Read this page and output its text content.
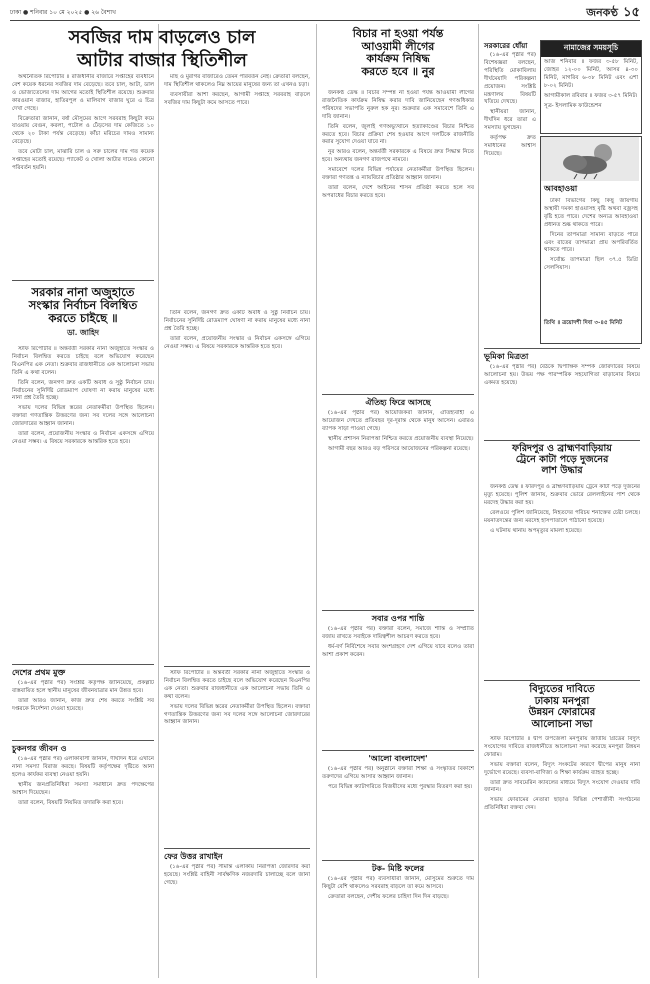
ঢাকা ● শনিবার ১০ মে ২০২৫ ● ২৬ বৈশাখ	জনকণ্ঠ ১৫
সবজির দাম বাড়লেও চাল
আটার বাজার স্থিতিশীল

অর্থনৈতিক রিপোর্টার ॥ রাজধানীর বাজারে সপ্তাহের ব্যবধানে বেশ কয়েক ধরনের সবজির দাম বেড়েছে। তবে চাল, আটা, ডাল ও ভোজ্যতেলের দাম আগের মতোই স্থিতিশীল রয়েছে। শুক্রবার কারওয়ান বাজার, হাতিরপুল ও মালিবাগ বাজার ঘুরে এ চিত্র দেখা গেছে।

বিক্রেতারা জানান, বর্ষা মৌসুমের আগে সরবরাহ কিছুটা কমে যাওয়ায় বেগুন, করলা, পটোল ও ঢেঁড়সের দাম কেজিতে ১০ থেকে ২০ টাকা পর্যন্ত বেড়েছে। কাঁচা মরিচের দামও সামান্য বেড়েছে।

তবে মোটা চাল, মাঝারি চাল ও সরু চালের দাম গত কয়েক সপ্তাহের মতোই রয়েছে। প্যাকেট ও খোলা আটার দামেও কোনো পরিবর্তন হয়নি।

মাছ ও মুরগির বাজারেও তেমন পরিবর্তন নেই। ক্রেতারা বলছেন, দাম স্থিতিশীল থাকলেও নিম্ন আয়ের মানুষের জন্য তা এখনও চড়া।

ব্যবসায়ীরা আশা করছেন, আগামী সপ্তাহে সরবরাহ বাড়লে সবজির দাম কিছুটা কমে আসতে পারে।

সরকার নানা অজুহাতে
সংস্কার নির্বাচন বিলম্বিত
করতে চাইছে ॥
ডা. জাহিদ

স্টাফ রিপোর্টার ॥ অন্তর্বর্তী সরকার নানা অজুহাতে সংস্কার ও নির্বাচন বিলম্বিত করতে চাইছে বলে অভিযোগ করেছেন বিএনপির এক নেতা। শুক্রবার রাজধানীতে এক আলোচনা সভায় তিনি এ কথা বলেন।

তিনি বলেন, জনগণ দ্রুত একটি অবাধ ও সুষ্ঠু নির্বাচন চায়। নির্বাচনের সুনির্দিষ্ট রোডম্যাপ ঘোষণা না করায় মানুষের মধ্যে নানা প্রশ্ন তৈরি হচ্ছে।

সভায় দলের বিভিন্ন স্তরের নেতাকর্মীরা উপস্থিত ছিলেন। বক্তারা গণতান্ত্রিক উত্তরণের জন্য সব দলের সঙ্গে আলোচনা জোরদারের আহ্বান জানান।

তারা বলেন, প্রয়োজনীয় সংস্কার ও নির্বাচন একসঙ্গে এগিয়ে নেওয়া সম্ভব। এ বিষয়ে সরকারকে আন্তরিক হতে হবে।

তিনি বলেন, জনগণ দ্রুত একটি অবাধ ও সুষ্ঠু নির্বাচন চায়। নির্বাচনের সুনির্দিষ্ট রোডম্যাপ ঘোষণা না করায় মানুষের মধ্যে নানা প্রশ্ন তৈরি হচ্ছে।

তারা বলেন, প্রয়োজনীয় সংস্কার ও নির্বাচন একসঙ্গে এগিয়ে নেওয়া সম্ভব। এ বিষয়ে সরকারকে আন্তরিক হতে হবে।

দেশের প্রথম মুক্ত

(১৬-এর পৃষ্ঠার পর) সংশ্লিষ্ট কর্তৃপক্ষ জানিয়েছে, প্রকল্পটি বাস্তবায়িত হলে স্থানীয় মানুষের জীবনযাত্রার মান উন্নত হবে।

তারা আরও জানান, কাজ দ্রুত শেষ করতে সংশ্লিষ্ট সব দপ্তরকে নির্দেশনা দেওয়া হয়েছে।

চুকনগর জীবন ও

(১৬-এর পৃষ্ঠার পর) এলাকাবাসী জানান, দীর্ঘদিন ধরে এখানে নানা সমস্যা বিরাজ করছে। বিষয়টি কর্তৃপক্ষের দৃষ্টিতে আনা হলেও কার্যকর ব্যবস্থা নেওয়া হয়নি।

স্থানীয় জনপ্রতিনিধিরা সমস্যা সমাধানে দ্রুত পদক্ষেপের আশ্বাস দিয়েছেন।

তারা বলেন, বিষয়টি নিয়মিত তদারকি করা হবে।

স্টাফ রিপোর্টার ॥ অন্তর্বর্তী সরকার নানা অজুহাতে সংস্কার ও নির্বাচন বিলম্বিত করতে চাইছে বলে অভিযোগ করেছেন বিএনপির এক নেতা। শুক্রবার রাজধানীতে এক আলোচনা সভায় তিনি এ কথা বলেন।

সভায় দলের বিভিন্ন স্তরের নেতাকর্মীরা উপস্থিত ছিলেন। বক্তারা গণতান্ত্রিক উত্তরণের জন্য সব দলের সঙ্গে আলোচনা জোরদারের আহ্বান জানান।

ফের উত্তর রাখাইন

(১৬-এর পৃষ্ঠার পর) সীমান্ত এলাকায় নিরাপত্তা জোরদার করা হয়েছে। সংশ্লিষ্ট বাহিনী সার্বক্ষণিক নজরদারি চালাচ্ছে বলে জানা গেছে।

বিচার না হওয়া পর্যন্ত
আওয়ামী লীগের
কার্যক্রম নিষিদ্ধ
করতে হবে ॥ নুর

জনকণ্ঠ ডেস্ক ॥ বিচার সম্পন্ন না হওয়া পর্যন্ত আওয়ামী লীগের রাজনৈতিক কার্যক্রম নিষিদ্ধ করার দাবি জানিয়েছেন গণঅধিকার পরিষদের সভাপতি নুরুল হক নুর। শুক্রবার এক সমাবেশে তিনি এ দাবি জানান।

তিনি বলেন, জুলাই গণঅভ্যুত্থানে হত্যাকাণ্ডের বিচার নিশ্চিত করতে হবে। বিচার প্রক্রিয়া শেষ হওয়ার আগে দলটিকে রাজনীতি করার সুযোগ দেওয়া যাবে না।

নুর আরও বলেন, অন্তর্বর্তী সরকারকে এ বিষয়ে দ্রুত সিদ্ধান্ত নিতে হবে। অন্যথায় জনগণ রাজপথে নামবে।

সমাবেশে দলের বিভিন্ন পর্যায়ের নেতাকর্মীরা উপস্থিত ছিলেন। বক্তারা গণতন্ত্র ও ন্যায়বিচার প্রতিষ্ঠার আহ্বান জানান।

তারা বলেন, দেশে আইনের শাসন প্রতিষ্ঠা করতে হলে সব অপরাধের বিচার করতে হবে।

ঐতিহ্য ফিরে আসছে

(১৬-এর পৃষ্ঠার পর) আয়োজকরা জানান, ঐতিহ্যবাহী এ আয়োজন দেখতে প্রতিবছর দূর-দূরান্ত থেকে মানুষ আসেন। এবারও ব্যাপক সাড়া পাওয়া গেছে।

স্থানীয় প্রশাসন নিরাপত্তা নিশ্চিত করতে প্রয়োজনীয় ব্যবস্থা নিয়েছে।

আগামী বছর আরও বড় পরিসরে আয়োজনের পরিকল্পনা রয়েছে।

সবার ওপর শান্তি

(১৬-এর পৃষ্ঠার পর) বক্তারা বলেন, সমাজে শান্তি ও সম্প্রীতি বজায় রাখতে সবাইকে দায়িত্বশীল আচরণ করতে হবে।

ধর্ম-বর্ণ নির্বিশেষে সবার অংশগ্রহণে দেশ এগিয়ে যাবে বলেও তারা আশা প্রকাশ করেন।

'আলো বাংলাদেশ'

(১৬-এর পৃষ্ঠার পর) অনুষ্ঠানে বক্তারা শিক্ষা ও সংস্কৃতির বিকাশে তরুণদের এগিয়ে আসার আহ্বান জানান।

পরে বিভিন্ন ক্যাটাগরিতে বিজয়ীদের মধ্যে পুরস্কার বিতরণ করা হয়।

টক- মিষ্টি ফলের

(১৬-এর পৃষ্ঠার পর) ব্যবসায়ীরা জানান, মৌসুমের শুরুতে দাম কিছুটা বেশি থাকলেও সরবরাহ বাড়লে তা কমে আসবে।

ক্রেতারা বলছেন, দেশীয় ফলের চাহিদা দিন দিন বাড়ছে।

নামাজের সময়সূচি

আজ শনিবার ॥ ফজর ৩-৫৮ মিনিট, জোহর ১২-০০ মিনিট, আসর ৪-৩০ মিনিট, মাগরিব ৬-৩৮ মিনিট এবং এশা ৮-০২ মিনিট।

আগামীকাল রবিবার ॥ ফজর ৩-৫৭ মিনিট।

সূত্র- ইসলামিক ফাউন্ডেশন

আবহাওয়া

ঢাকা বিভাগের কিছু কিছু জায়গায় অস্থায়ী দমকা হাওয়াসহ বৃষ্টি অথবা বজ্রসহ বৃষ্টি হতে পারে। দেশের অন্যত্র আবহাওয়া প্রধানত শুষ্ক থাকতে পারে।

দিনের তাপমাত্রা সামান্য বাড়তে পারে এবং রাতের তাপমাত্রা প্রায় অপরিবর্তিত থাকতে পারে।

সর্বোচ্চ তাপমাত্রা ছিল ৩৭.৫ ডিগ্রি সেলসিয়াস।

তিথি ॥ ত্রয়োদশী দিবা ৩-৪৫ মিনিট
সরকারের ধোঁয়া

(১৬-এর পৃষ্ঠার পর) বিশেষজ্ঞরা বলছেন, পরিস্থিতি মোকাবিলায় দীর্ঘমেয়াদি পরিকল্পনা প্রয়োজন। সংশ্লিষ্ট মন্ত্রণালয় বিষয়টি খতিয়ে দেখছে।

স্থানীয়রা জানান, দীর্ঘদিন ধরে তারা এ সমস্যায় ভুগছেন।

কর্তৃপক্ষ দ্রুত সমাধানের আশ্বাস দিয়েছে।

ভূমিকা মিত্রতা

(১৬-এর পৃষ্ঠার পর) বৈঠকে দ্বিপাক্ষিক সম্পর্ক জোরদারের বিষয়ে আলোচনা হয়। উভয় পক্ষ পারস্পরিক সহযোগিতা বাড়ানোর বিষয়ে একমত হয়েছে।

ফরিদপুর ও ব্রাহ্মণবাড়িয়ায়
ট্রেনে কাটা পড়ে দুজনের
লাশ উদ্ধার

জনকণ্ঠ ডেস্ক ॥ ফরিদপুর ও ব্রাহ্মণবাড়িয়ায় ট্রেনে কাটা পড়ে দুজনের মৃত্যু হয়েছে। পুলিশ জানায়, শুক্রবার ভোরে রেললাইনের পাশ থেকে মরদেহ উদ্ধার করা হয়।

রেলওয়ে পুলিশ জানিয়েছে, নিহতদের পরিচয় শনাক্তের চেষ্টা চলছে। ময়নাতদন্তের জন্য মরদেহ হাসপাতালে পাঠানো হয়েছে।

এ ঘটনায় থানায় অপমৃত্যুর মামলা হয়েছে।

বিদ্যুতের দাবিতে
ঢাকায় মনপুরা
উন্নয়ন ফোরামের
আলোচনা সভা

স্টাফ রিপোর্টার ॥ দ্বীপ উপজেলা মনপুরায় জাতীয় গ্রিডের বিদ্যুৎ সংযোগের দাবিতে রাজধানীতে আলোচনা সভা করেছে মনপুরা উন্নয়ন ফোরাম।

সভায় বক্তারা বলেন, বিদ্যুৎ সংকটের কারণে দ্বীপের মানুষ নানা দুর্ভোগে রয়েছে। ব্যবসা-বাণিজ্য ও শিক্ষা কার্যক্রম ব্যাহত হচ্ছে।

তারা দ্রুত সাবমেরিন ক্যাবলের মাধ্যমে বিদ্যুৎ সংযোগ দেওয়ার দাবি জানান।

সভায় ফোরামের নেতারা ছাড়াও বিভিন্ন পেশাজীবী সংগঠনের প্রতিনিধিরা বক্তব্য দেন।
